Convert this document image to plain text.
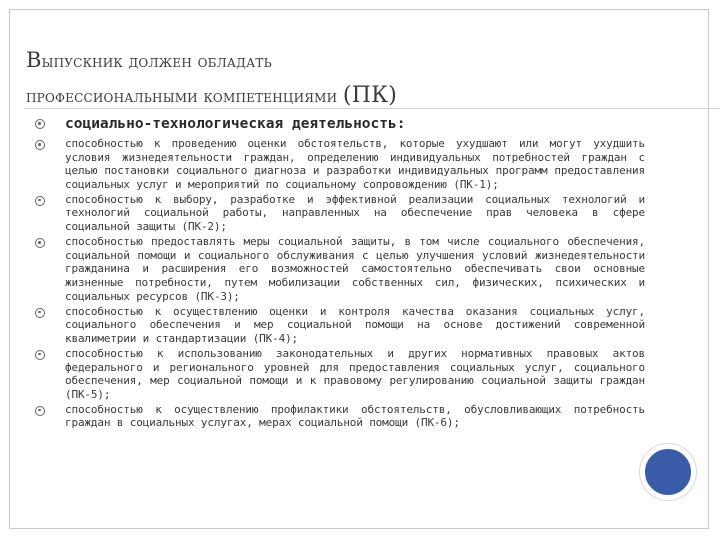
Выпускник должен обладать
профессиональными компетенциями (ПК)
социально-технологическая деятельность:
способностью к проведению оценки обстоятельств, которые ухудшают или могут ухудшить условия жизнедеятельности граждан, определению индивидуальных потребностей граждан с целью постановки социального диагноза и разработки индивидуальных программ предоставления социальных услуг и мероприятий по социальному сопровождению (ПК-1);
способностью к выбору, разработке и эффективной реализации социальных технологий и технологий социальной работы, направленных на обеспечение прав человека в сфере социальной защиты (ПК-2);
способностью предоставлять меры социальной защиты, в том числе социального обеспечения, социальной помощи и социального обслуживания с целью улучшения условий жизнедеятельности гражданина и расширения его возможностей самостоятельно обеспечивать свои основные жизненные потребности, путем мобилизации собственных сил, физических, психических и социальных ресурсов (ПК-3);
способностью к осуществлению оценки и контроля качества оказания социальных услуг, социального обеспечения и мер социальной помощи на основе достижений современной квалиметрии и стандартизации (ПК-4);
способностью к использованию законодательных и других нормативных правовых актов федерального и регионального уровней для предоставления социальных услуг, социального обеспечения, мер социальной помощи и к правовому регулированию социальной защиты граждан (ПК-5);
способностью к осуществлению профилактики обстоятельств, обусловливающих потребность граждан в социальных услугах, мерах социальной помощи (ПК-6);
